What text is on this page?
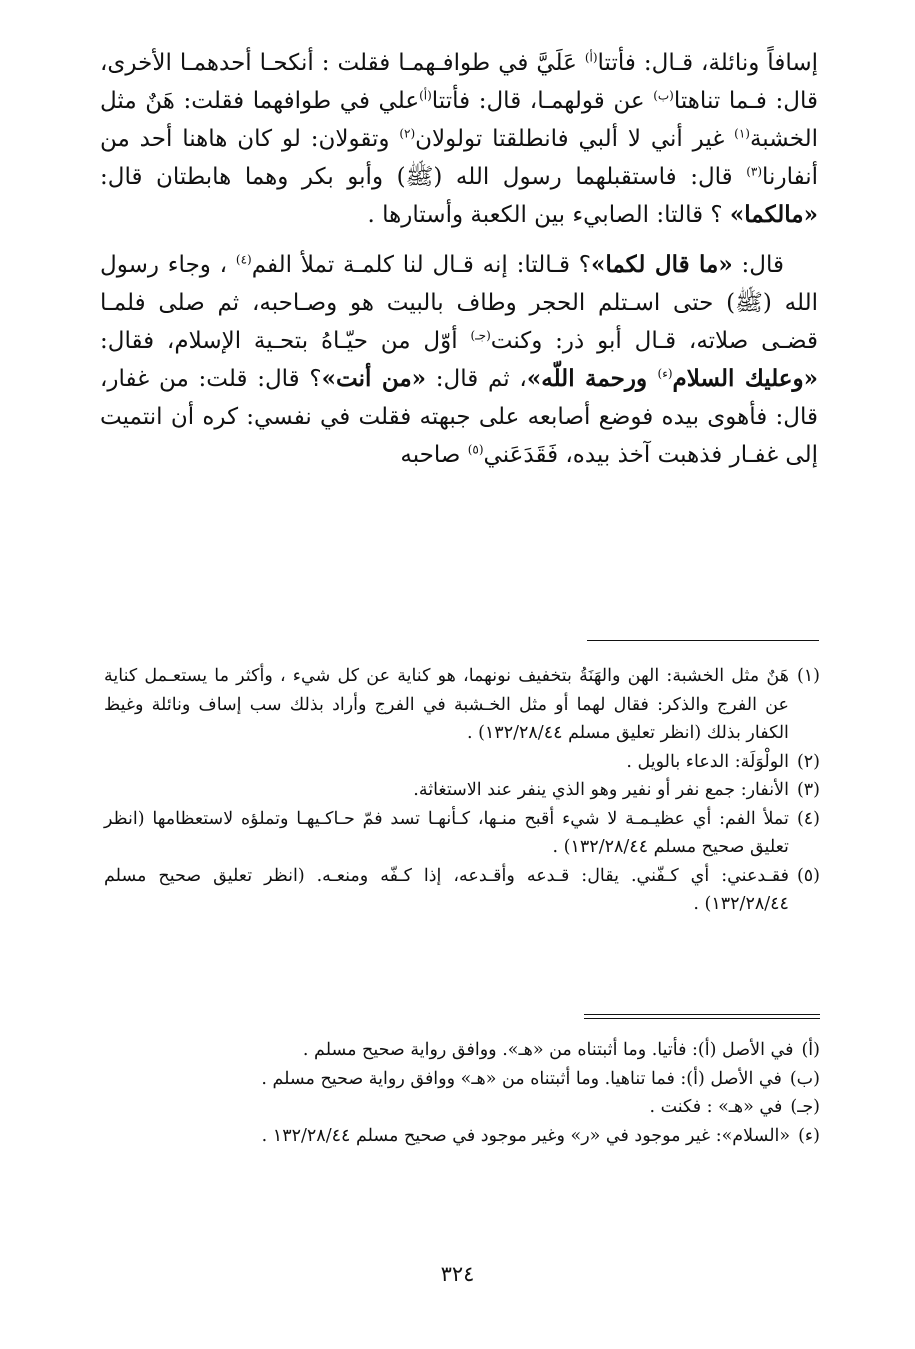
إسافاً ونائلة، قـال: فأتتا$^{(أ)}$ عَلَيَّ في طوافـهمـا فقلت : أنكحـا أحدهمـا الأخرى، قال: فـما تناهتا$^{(ب)}$ عن قولهمـا، قال: فأتتا$^{(أ)}$علي في طوافهما فقلت: هَنٌ مثل الخشبة$^{(١)}$ غير أني لا ألبي فانطلقتا تولولان$^{(٢)}$ وتقولان: لو كان هاهنا أحد من أنفارنا$^{(٣)}$ قال: فاستقبلهما رسول الله (ﷺ) وأبو بكر وهما هابطتان قال: «مالكما» ؟ قالتا: الصابيء بين الكعبة وأستارها .

قال: «ما قال لكما»؟ قـالتا: إنه قـال لنا كلمـة تملأ الفم$^{(٤)}$ ، وجاء رسول الله (ﷺ) حتى اسـتلم الحجر وطاف بالبيت هو وصـاحبه، ثم صلى فلمـا قضـى صلاته، قـال أبو ذر: وكنت$^{(جـ)}$ أوّل من حيّـاهُ بتحـية الإسلام، فقال: «وعليك السلام$^{(ء)}$ ورحمة اللّه»، ثم قال: «من أنت»؟ قال: قلت: من غفار، قال: فأهوى بيده فوضع أصابعه على جبهته فقلت في نفسي: كره أن انتميت إلى غفـار فذهبت آخذ بيده، فَقَدَعَني$^{(٥)}$ صاحبه

(١)
هَنٌ مثل الخشبة: الهن والهَنَةُ بتخفيف نونهما، هو كناية عن كل شيء ، وأكثر ما يستعـمل كناية عن الفرج والذكر: فقال لهما أو مثل الخـشبة في الفرج وأراد بذلك سب إساف ونائلة وغيظ الكفار بذلك (انظر تعليق مسلم ١٣٢/٢٨/٤٤) .
(٢)
الولْوَلَة: الدعاء بالويل .
(٣)
الأنفار: جمع نفر أو نفير وهو الذي ينفر عند الاستغاثة.
(٤)
تملأ الفم: أي عظيـمـة لا شيء أقبح منـها، كـأنهـا تسد فمّ حـاكـيهـا وتملؤه لاستعظامها (انظر تعليق صحيح مسلم ١٣٢/٢٨/٤٤) .
(٥)
فقـدعني: أي كـفّني. يقال: قـدعه وأقـدعه، إذا كـفّه ومنعـه. (انظر تعليق صحيح مسلم ١٣٢/٢٨/٤٤) .
(أ)
في الأصل (أ): فأتيا. وما أثبتناه من «هـ». ووافق رواية صحيح مسلم .
(ب)
في الأصل (أ): فما تناهيا. وما أثبتناه من «هـ» ووافق رواية صحيح مسلم .
(جـ)
في «هـ» : فكنت .
(ء)
«السلام»: غير موجود في «ر» وغير موجود في صحيح مسلم ١٣٢/٢٨/٤٤ .
٣٢٤
